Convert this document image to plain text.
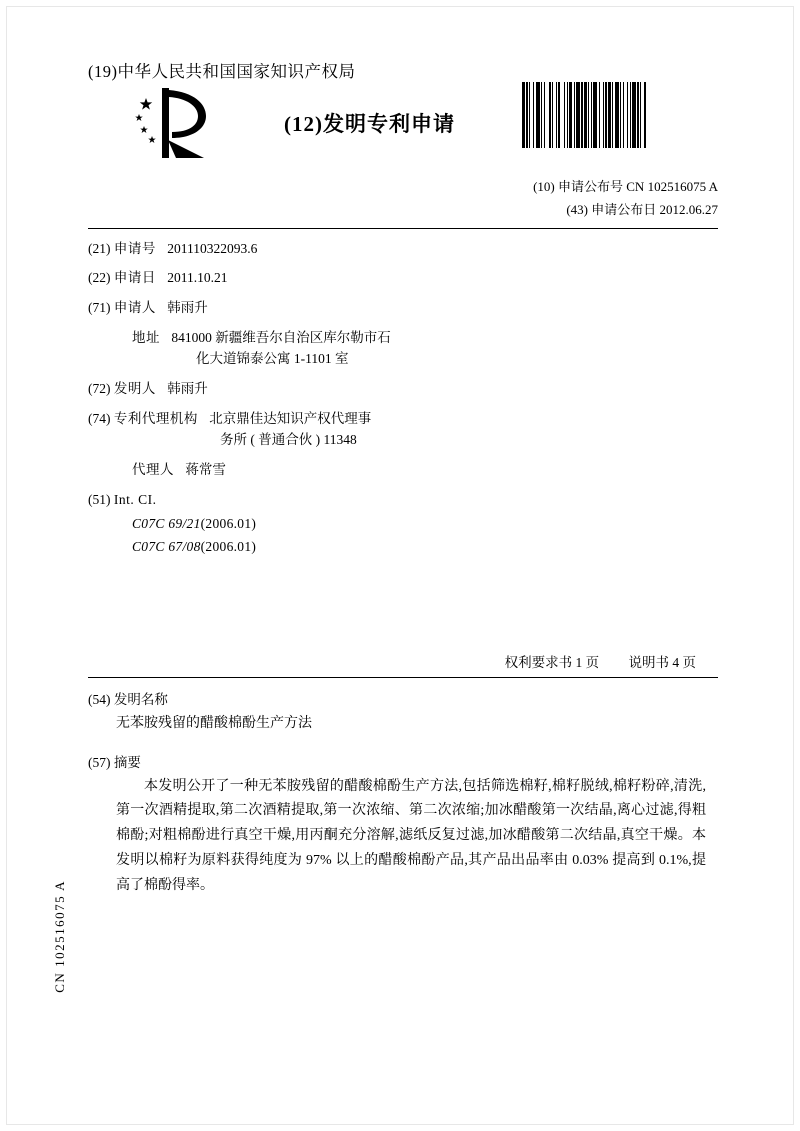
(19)中华人民共和国国家知识产权局
(12)发明专利申请
(10) 申请公布号 CN 102516075 A
(43) 申请公布日 2012.06.27
(21) 申请号 201110322093.6
(22) 申请日 2011.10.21
(71) 申请人 韩雨升
地址 841000 新疆维吾尔自治区库尔勒市石
化大道锦泰公寓 1-1101 室
(72) 发明人 韩雨升
(74) 专利代理机构 北京鼎佳达知识产权代理事
务所 ( 普通合伙 ) 11348
代理人 蒋常雪
(51) Int. CI.
C07C 69/21(2006.01)
C07C 67/08(2006.01)
权利要求书 1 页 说明书 4 页
(54) 发明名称
无苯胺残留的醋酸棉酚生产方法
(57) 摘要
本发明公开了一种无苯胺残留的醋酸棉酚生产方法,包括筛选棉籽,棉籽脱绒,棉籽粉碎,清洗,第一次酒精提取,第二次酒精提取,第一次浓缩、第二次浓缩;加冰醋酸第一次结晶,离心过滤,得粗棉酚;对粗棉酚进行真空干燥,用丙酮充分溶解,滤纸反复过滤,加冰醋酸第二次结晶,真空干燥。本发明以棉籽为原料获得纯度为 97% 以上的醋酸棉酚产品,其产品出品率由 0.03% 提高到 0.1%,提高了棉酚得率。
CN 102516075 A
